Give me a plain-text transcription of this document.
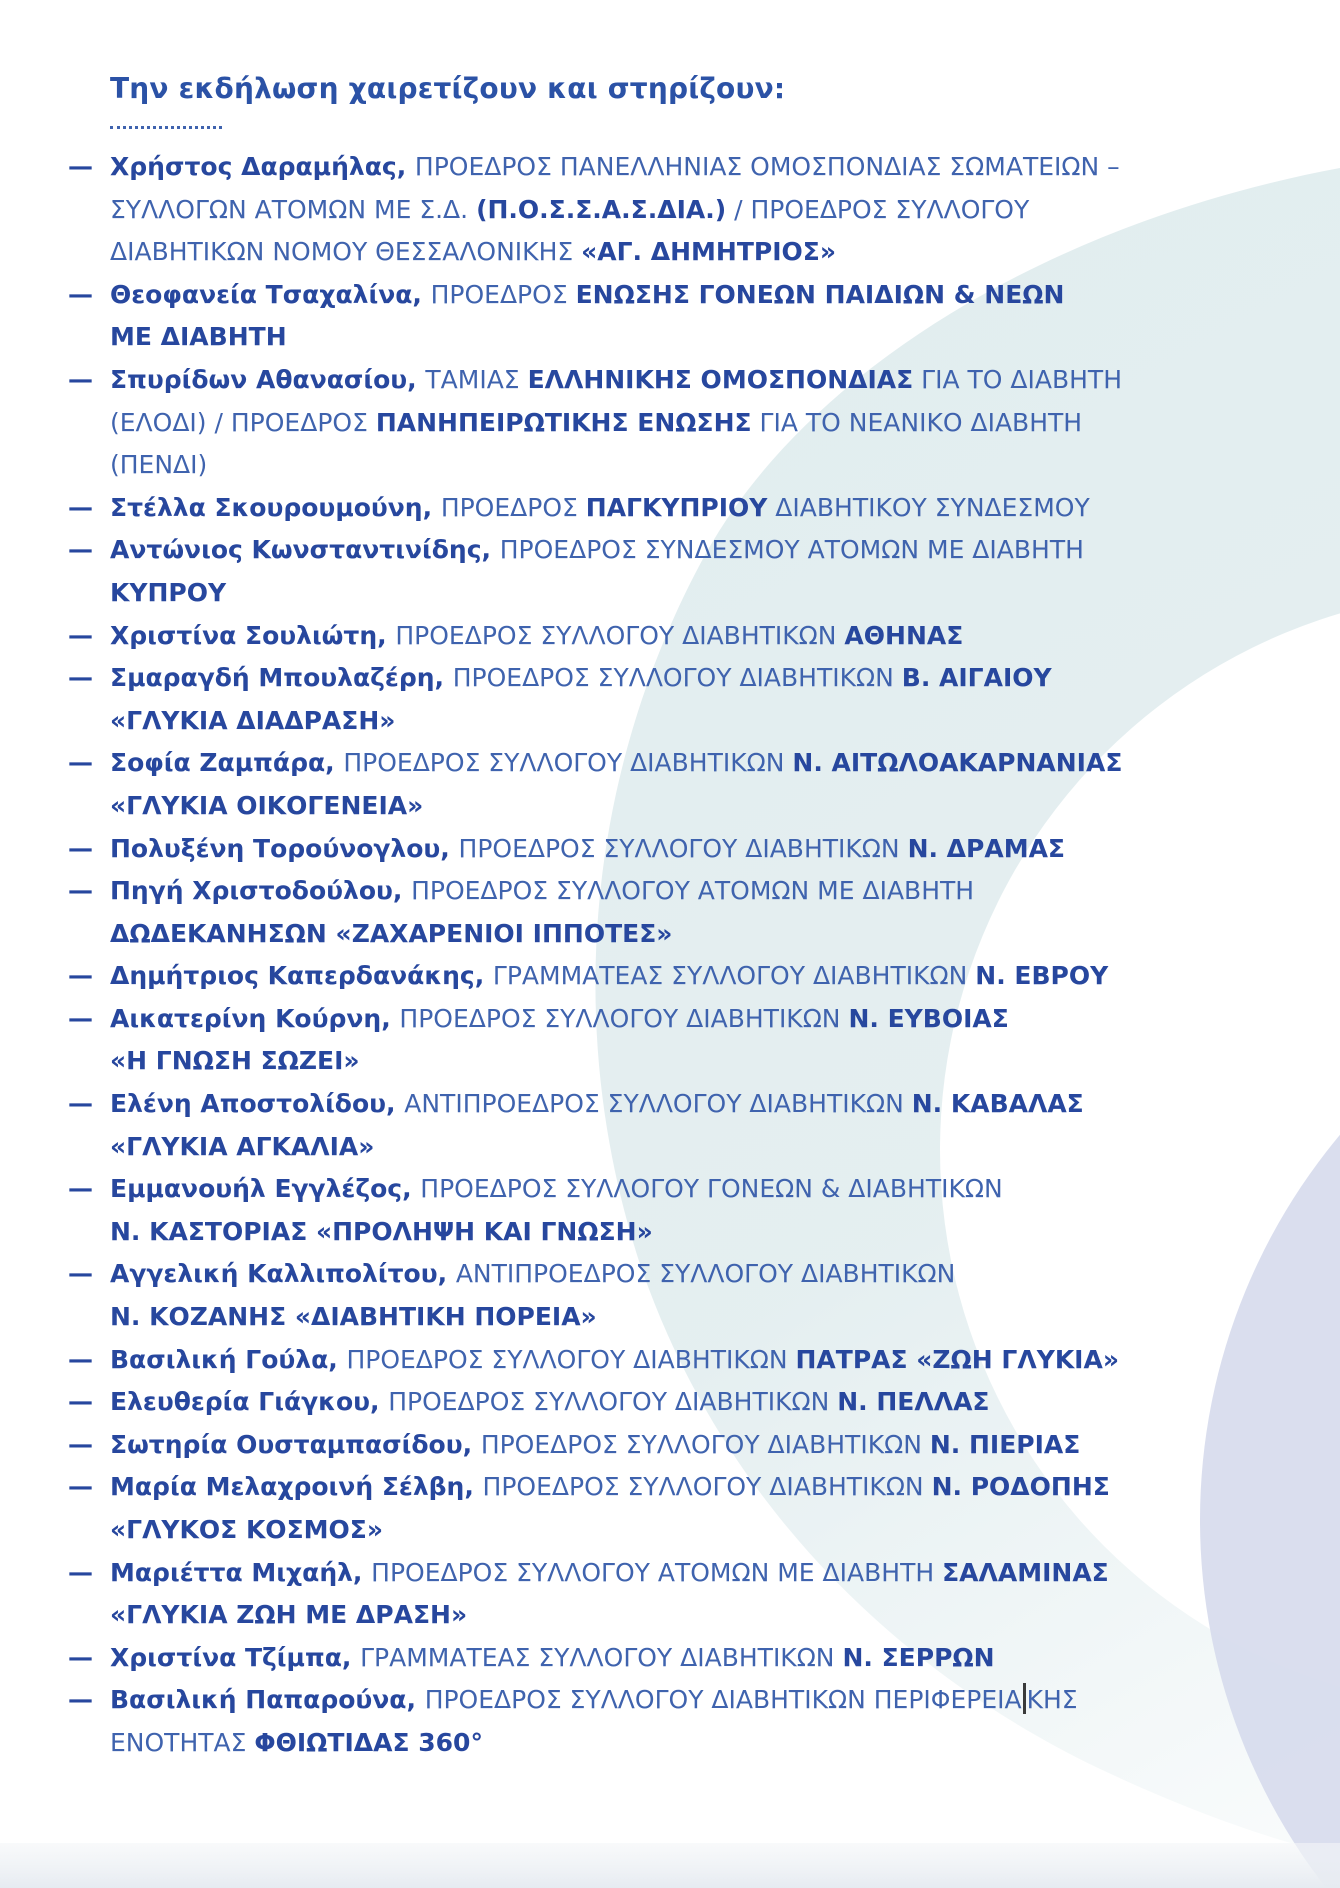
Την εκδήλωση χαιρετίζουν και στηρίζουν:
— Χρήστος Δαραμήλας, ΠΡΟΕΔΡΟΣ ΠΑΝΕΛΛΗΝΙΑΣ ΟΜΟΣΠΟΝΔΙΑΣ ΣΩΜΑΤΕΙΩΝ –
ΣΥΛΛΟΓΩΝ ΑΤΟΜΩΝ ΜΕ Σ.Δ. (Π.Ο.Σ.Σ.Α.Σ.ΔΙΑ.) / ΠΡΟΕΔΡΟΣ ΣΥΛΛΟΓΟΥ
ΔΙΑΒΗΤΙΚΩΝ ΝΟΜΟΥ ΘΕΣΣΑΛΟΝΙΚΗΣ «ΑΓ. ΔΗΜΗΤΡΙΟΣ»
— Θεοφανεία Τσαχαλίνα, ΠΡΟΕΔΡΟΣ ΕΝΩΣΗΣ ΓΟΝΕΩΝ ΠΑΙΔΙΩΝ & ΝΕΩΝ
ΜΕ ΔΙΑΒΗΤΗ
— Σπυρίδων Αθανασίου, ΤΑΜΙΑΣ ΕΛΛΗΝΙΚΗΣ ΟΜΟΣΠΟΝΔΙΑΣ ΓΙΑ ΤΟ ΔΙΑΒΗΤΗ
(ΕΛΟΔΙ) / ΠΡΟΕΔΡΟΣ ΠΑΝΗΠΕΙΡΩΤΙΚΗΣ ΕΝΩΣΗΣ ΓΙΑ ΤΟ ΝΕΑΝΙΚΟ ΔΙΑΒΗΤΗ
(ΠΕΝΔΙ)
— Στέλλα Σκουρουμούνη, ΠΡΟΕΔΡΟΣ ΠΑΓΚΥΠΡΙΟΥ ΔΙΑΒΗΤΙΚΟΥ ΣΥΝΔΕΣΜΟΥ
— Αντώνιος Κωνσταντινίδης, ΠΡΟΕΔΡΟΣ ΣΥΝΔΕΣΜΟΥ ΑΤΟΜΩΝ ΜΕ ΔΙΑΒΗΤΗ
ΚΥΠΡΟΥ
— Χριστίνα Σουλιώτη, ΠΡΟΕΔΡΟΣ ΣΥΛΛΟΓΟΥ ΔΙΑΒΗΤΙΚΩΝ ΑΘΗΝΑΣ
— Σμαραγδή Μπουλαζέρη, ΠΡΟΕΔΡΟΣ ΣΥΛΛΟΓΟΥ ΔΙΑΒΗΤΙΚΩΝ Β. ΑΙΓΑΙΟΥ
«ΓΛΥΚΙΑ ΔΙΑΔΡΑΣΗ»
— Σοφία Ζαμπάρα, ΠΡΟΕΔΡΟΣ ΣΥΛΛΟΓΟΥ ΔΙΑΒΗΤΙΚΩΝ Ν. ΑΙΤΩΛΟΑΚΑΡΝΑΝΙΑΣ
«ΓΛΥΚΙΑ ΟΙΚΟΓΕΝΕΙΑ»
— Πολυξένη Τορούνογλου, ΠΡΟΕΔΡΟΣ ΣΥΛΛΟΓΟΥ ΔΙΑΒΗΤΙΚΩΝ Ν. ΔΡΑΜΑΣ
— Πηγή Χριστοδούλου, ΠΡΟΕΔΡΟΣ ΣΥΛΛΟΓΟΥ ΑΤΟΜΩΝ ΜΕ ΔΙΑΒΗΤΗ
ΔΩΔΕΚΑΝΗΣΩΝ «ΖΑΧΑΡΕΝΙΟΙ ΙΠΠΟΤΕΣ»
— Δημήτριος Καπερδανάκης, ΓΡΑΜΜΑΤΕΑΣ ΣΥΛΛΟΓΟΥ ΔΙΑΒΗΤΙΚΩΝ Ν. ΕΒΡΟΥ
— Αικατερίνη Κούρνη, ΠΡΟΕΔΡΟΣ ΣΥΛΛΟΓΟΥ ΔΙΑΒΗΤΙΚΩΝ Ν. ΕΥΒΟΙΑΣ
«Η ΓΝΩΣΗ ΣΩΖΕΙ»
— Ελένη Αποστολίδου, ΑΝΤΙΠΡΟΕΔΡΟΣ ΣΥΛΛΟΓΟΥ ΔΙΑΒΗΤΙΚΩΝ Ν. ΚΑΒΑΛΑΣ
«ΓΛΥΚΙΑ ΑΓΚΑΛΙΑ»
— Εμμανουήλ Εγγλέζος, ΠΡΟΕΔΡΟΣ ΣΥΛΛΟΓΟΥ ΓΟΝΕΩΝ & ΔΙΑΒΗΤΙΚΩΝ
Ν. ΚΑΣΤΟΡΙΑΣ «ΠΡΟΛΗΨΗ ΚΑΙ ΓΝΩΣΗ»
— Αγγελική Καλλιπολίτου, ΑΝΤΙΠΡΟΕΔΡΟΣ ΣΥΛΛΟΓΟΥ ΔΙΑΒΗΤΙΚΩΝ
Ν. ΚΟΖΑΝΗΣ «ΔΙΑΒΗΤΙΚΗ ΠΟΡΕΙΑ»
— Βασιλική Γούλα, ΠΡΟΕΔΡΟΣ ΣΥΛΛΟΓΟΥ ΔΙΑΒΗΤΙΚΩΝ ΠΑΤΡΑΣ «ΖΩΗ ΓΛΥΚΙΑ»
— Ελευθερία Γιάγκου, ΠΡΟΕΔΡΟΣ ΣΥΛΛΟΓΟΥ ΔΙΑΒΗΤΙΚΩΝ Ν. ΠΕΛΛΑΣ
— Σωτηρία Ουσταμπασίδου, ΠΡΟΕΔΡΟΣ ΣΥΛΛΟΓΟΥ ΔΙΑΒΗΤΙΚΩΝ Ν. ΠΙΕΡΙΑΣ
— Μαρία Μελαχροινή Σέλβη, ΠΡΟΕΔΡΟΣ ΣΥΛΛΟΓΟΥ ΔΙΑΒΗΤΙΚΩΝ Ν. ΡΟΔΟΠΗΣ
«ΓΛΥΚΟΣ ΚΟΣΜΟΣ»
— Μαριέττα Μιχαήλ, ΠΡΟΕΔΡΟΣ ΣΥΛΛΟΓΟΥ ΑΤΟΜΩΝ ΜΕ ΔΙΑΒΗΤΗ ΣΑΛΑΜΙΝΑΣ
«ΓΛΥΚΙΑ ΖΩΗ ΜΕ ΔΡΑΣΗ»
— Χριστίνα Τζίμπα, ΓΡΑΜΜΑΤΕΑΣ ΣΥΛΛΟΓΟΥ ΔΙΑΒΗΤΙΚΩΝ Ν. ΣΕΡΡΩΝ
— Βασιλική Παπαρούνα, ΠΡΟΕΔΡΟΣ ΣΥΛΛΟΓΟΥ ΔΙΑΒΗΤΙΚΩΝ ΠΕΡΙΦΕΡΕΙΑ ΚΗΣ
ΕΝΟΤΗΤΑΣ ΦΘΙΩΤΙΔΑΣ 360°
